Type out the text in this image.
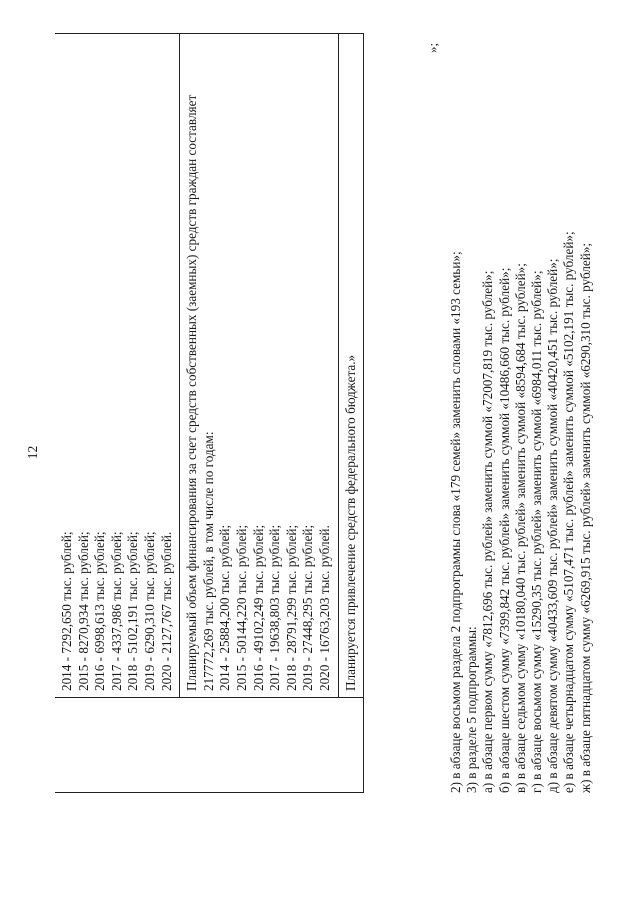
12

2014 - 7292,650 тыс. рублей; 2015 - 8270,934 тыс. рублей; 2016 - 6998,613 тыс. рублей; 2017 - 4337,986 тыс. рублей; 2018 - 5102,191 тыс. рублей; 2019 - 6290,310 тыс. рублей; 2020 - 2127,767 тыс. рублей.

Планируемый объем финансирования за счет средств собственных (заемных) средств граждан составляет 217772,269 тыс. рублей, в том числе по годам: 2014 - 25884,200 тыс. рублей; 2015 - 50144,220 тыс. рублей; 2016 - 49102,249 тыс. рублей; 2017 - 19638,803 тыс. рублей; 2018 - 28791,299 тыс. рублей; 2019 - 27448,295 тыс. рублей; 2020 - 16763,203 тыс. рублей.

Планируется привлечение средств федерального бюджета.»
»;
2) в абзаце восьмом раздела 2 подпрограммы слова «179 семей» заменить словами «193 семьи»; 3) в разделе 5 подпрограммы: а) в абзаце первом сумму «7812,696 тыс. рублей» заменить суммой «72007,819 тыс. рублей»; б) в абзаце шестом сумму «7399,842 тыс. рублей» заменить суммой «10486,660 тыс. рублей»; в) в абзаце седьмом сумму «10180,040 тыс. рублей» заменить суммой «8594,684 тыс. рублей»; г) в абзаце восьмом сумму «15290,35 тыс. рублей» заменить суммой «6984,011 тыс. рублей»; д) в абзаце девятом сумму «40433,609 тыс. рублей» заменить суммой «40420,451 тыс. рублей»; е) в абзаце четырнадцатом сумму «5107,471 тыс. рублей» заменить суммой «5102,191 тыс. рублей»; ж) в абзаце пятнадцатом сумму «6269,915 тыс. рублей» заменить суммой «6290,310 тыс. рублей»;
